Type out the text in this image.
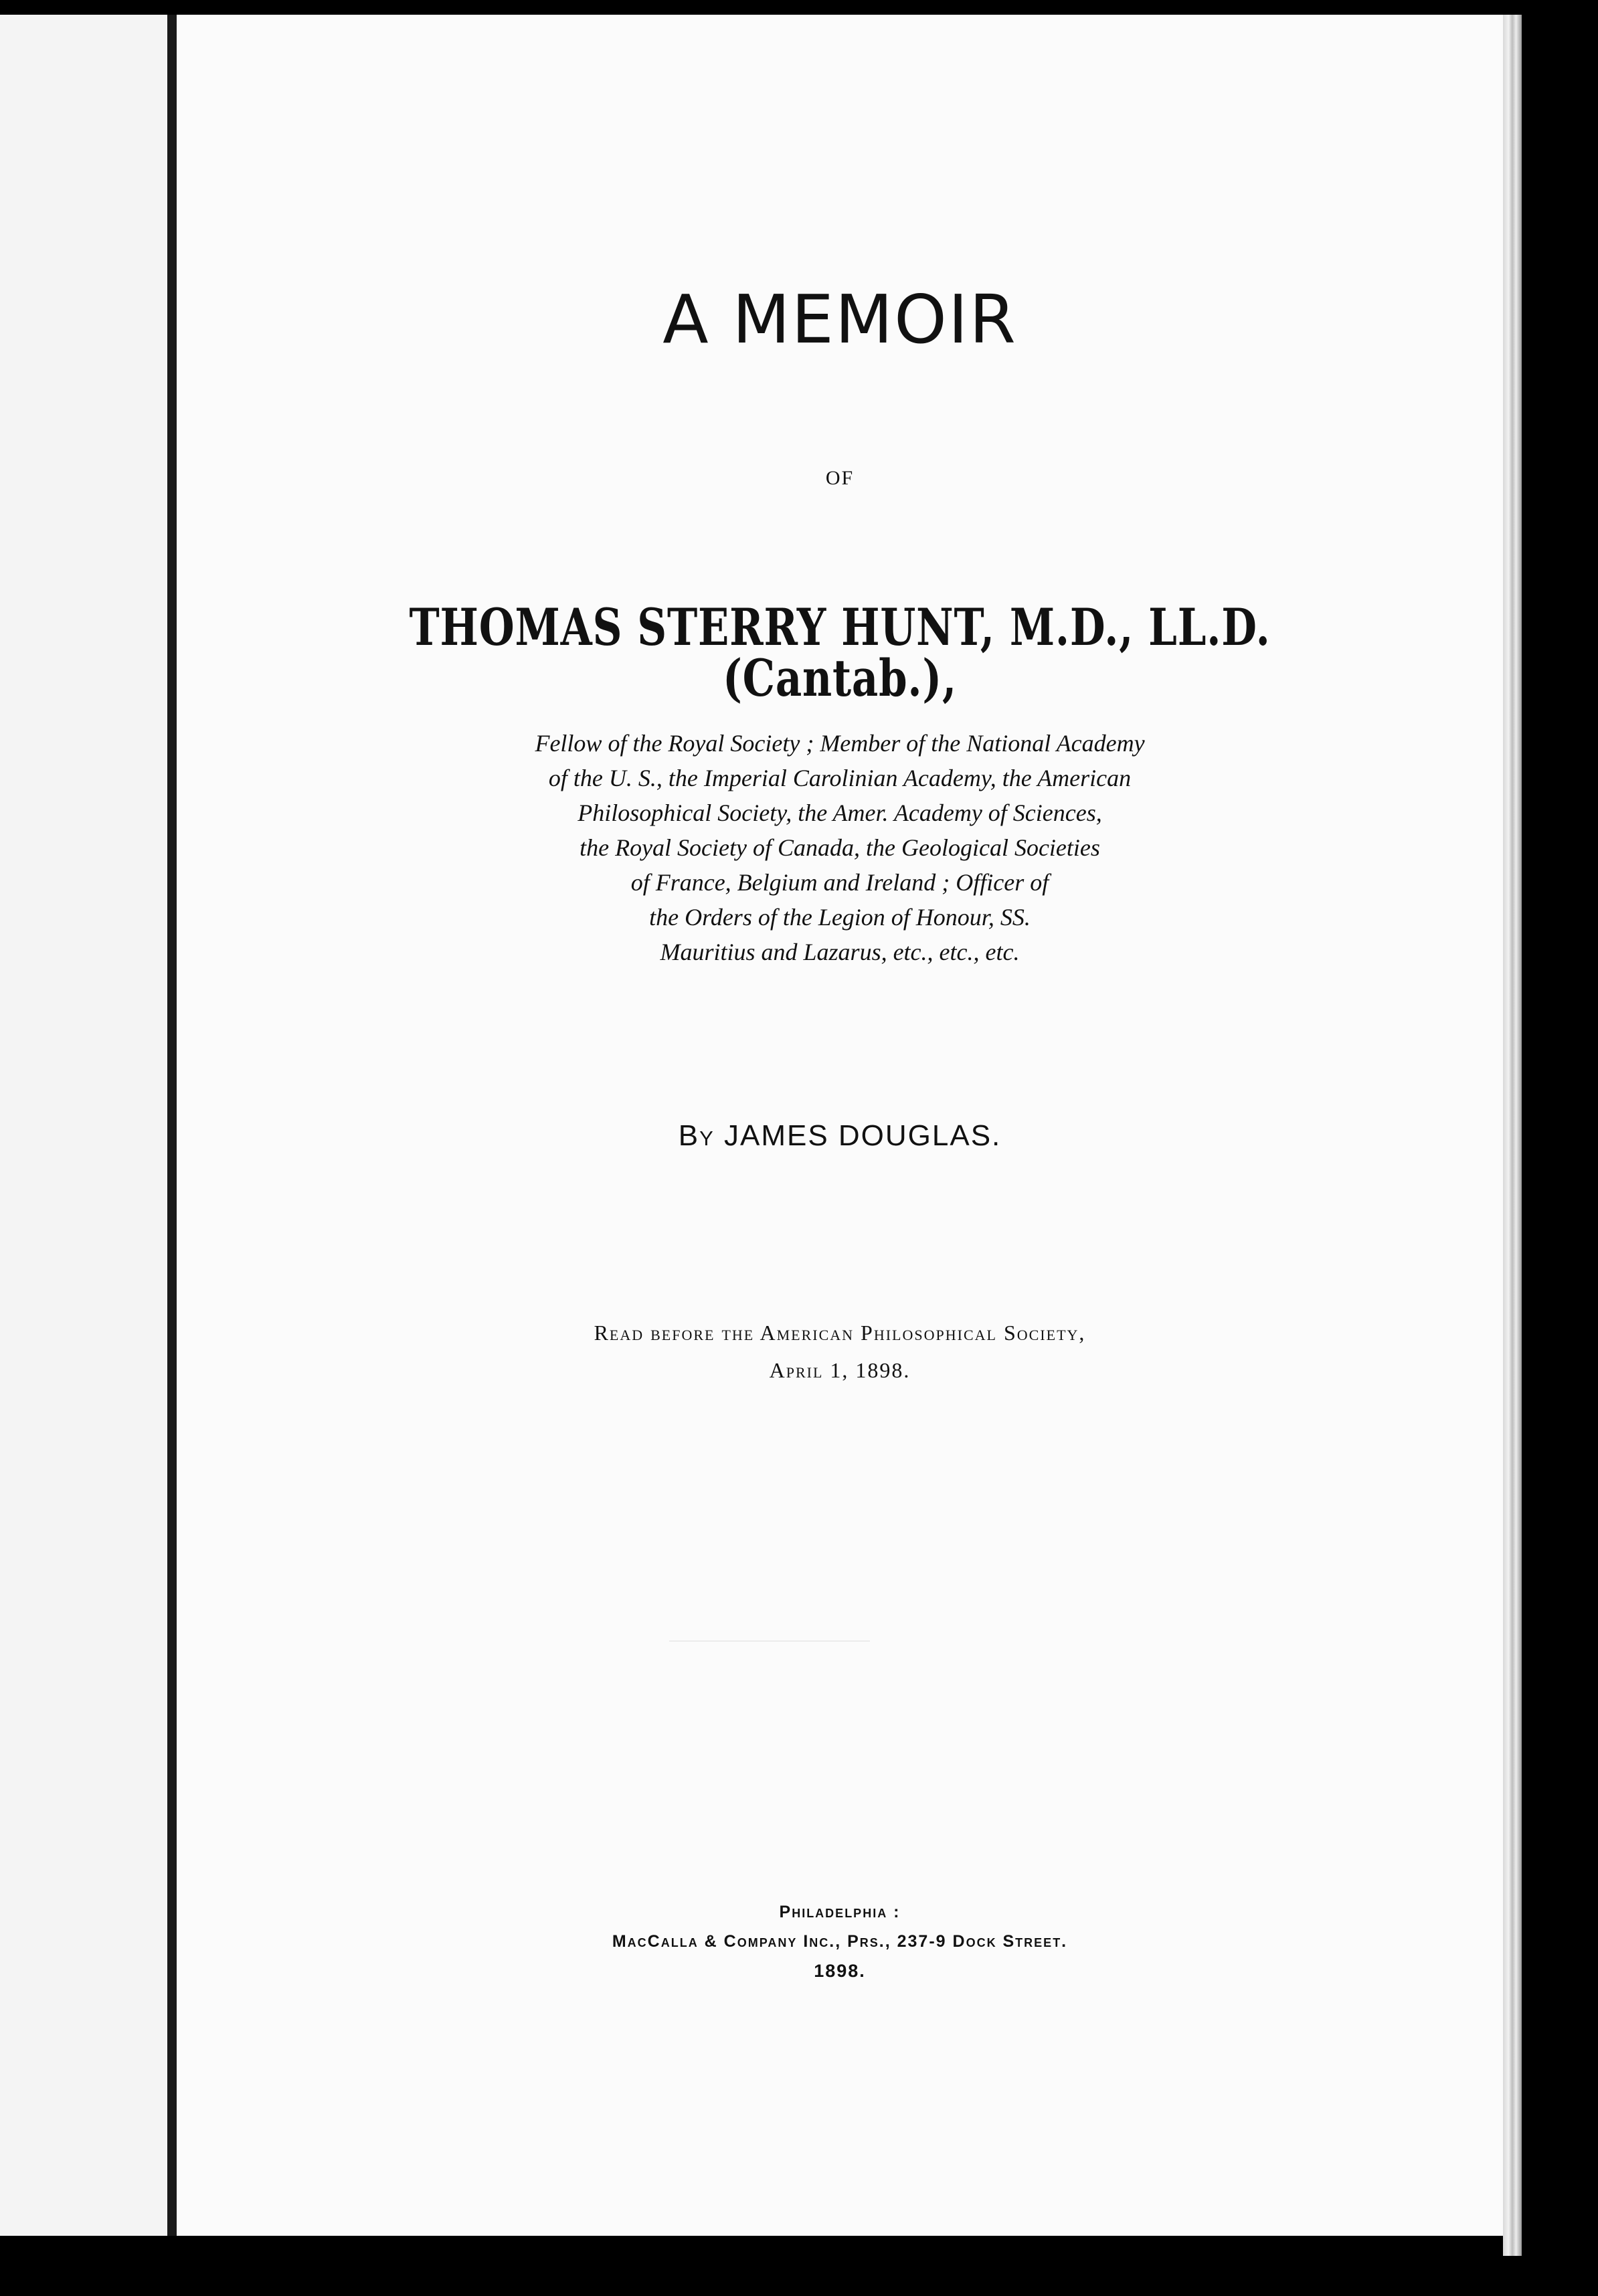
A MEMOIR
OF
THOMAS STERRY HUNT, M.D., LL.D. (Cantab.),
Fellow of the Royal Society ; Member of the National Academy
of the U. S., the Imperial Carolinian Academy, the American
Philosophical Society, the Amer. Academy of Sciences,
the Royal Society of Canada, the Geological Societies
of France, Belgium and Ireland ; Officer of
the Orders of the Legion of Honour, SS.
Mauritius and Lazarus, etc., etc., etc.
By JAMES DOUGLAS.
Read before the American Philosophical Society,
April 1, 1898.
Philadelphia :
MacCalla & Company Inc., Prs., 237-9 Dock Street.
1898.
